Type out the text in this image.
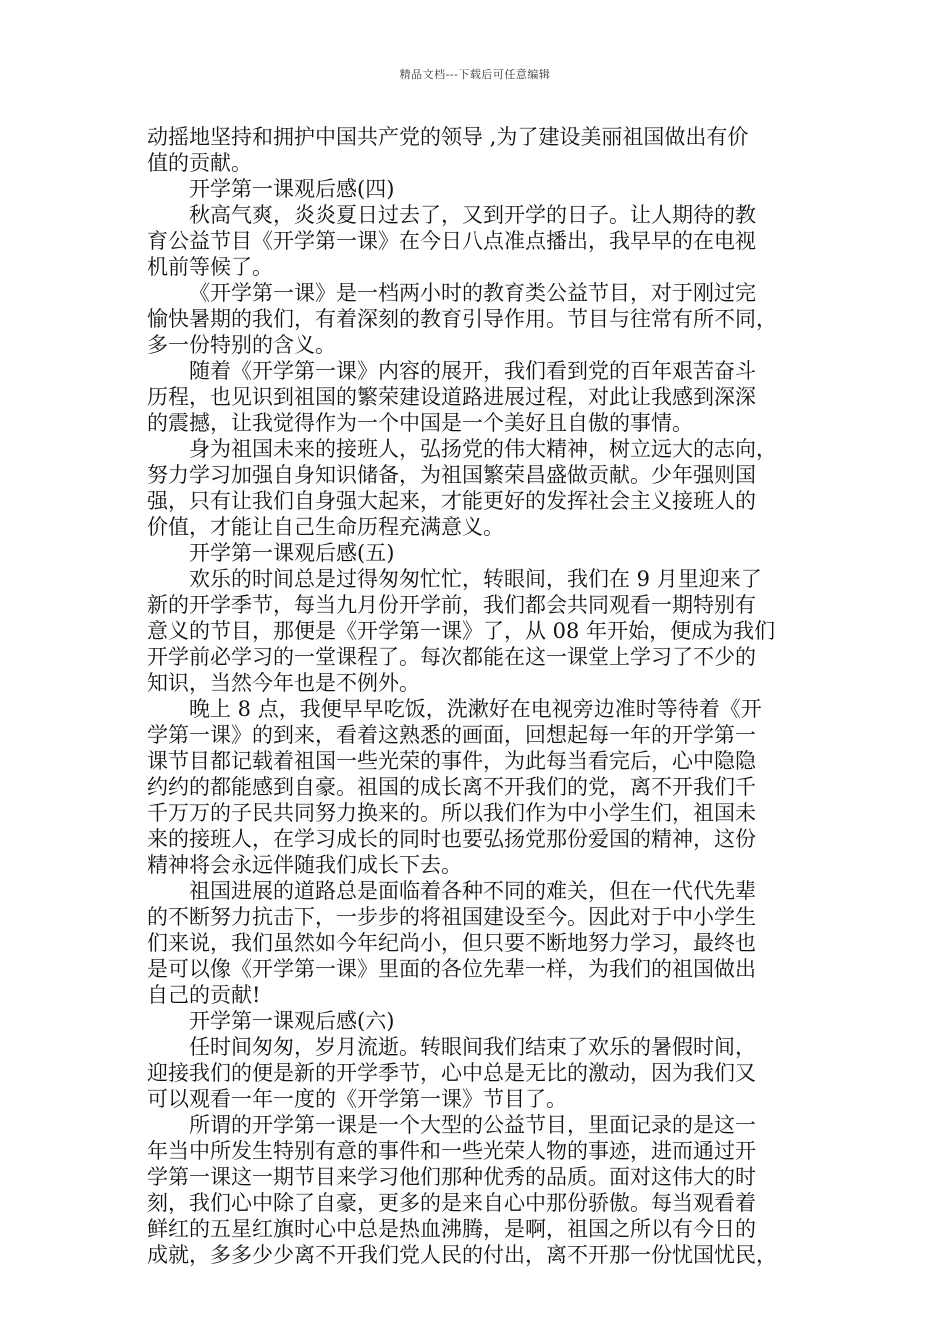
精品文档---下载后可任意编辑

动摇地坚持和拥护中国共产党的领导 ,为了建设美丽祖国做出有价

值的贡献。

开学第一课观后感(四)

秋高气爽，炎炎夏日过去了，又到开学的日子。让人期待的教

育公益节目《开学第一课》在今日八点准点播出，我早早的在电视

机前等候了。

《开学第一课》是一档两小时的教育类公益节目，对于刚过完

愉快暑期的我们，有着深刻的教育引导作用。节目与往常有所不同，

多一份特别的含义。

随着《开学第一课》内容的展开，我们看到党的百年艰苦奋斗

历程，也见识到祖国的繁荣建设道路进展过程，对此让我感到深深

的震撼，让我觉得作为一个中国是一个美好且自傲的事情。

身为祖国未来的接班人，弘扬党的伟大精神，树立远大的志向，

努力学习加强自身知识储备，为祖国繁荣昌盛做贡献。少年强则国

强，只有让我们自身强大起来，才能更好的发挥社会主义接班人的

价值，才能让自己生命历程充满意义。

开学第一课观后感(五)

欢乐的时间总是过得匆匆忙忙，转眼间，我们在 9 月里迎来了

新的开学季节，每当九月份开学前，我们都会共同观看一期特别有

意义的节目，那便是《开学第一课》了，从 08 年开始，便成为我们

开学前必学习的一堂课程了。每次都能在这一课堂上学习了不少的

知识，当然今年也是不例外。

晚上 8 点，我便早早吃饭，洗漱好在电视旁边准时等待着《开

学第一课》的到来，看着这熟悉的画面，回想起每一年的开学第一

课节目都记载着祖国一些光荣的事件，为此每当看完后，心中隐隐

约约的都能感到自豪。祖国的成长离不开我们的党，离不开我们千

千万万的子民共同努力换来的。所以我们作为中小学生们，祖国未

来的接班人，在学习成长的同时也要弘扬党那份爱国的精神，这份

精神将会永远伴随我们成长下去。

祖国进展的道路总是面临着各种不同的难关，但在一代代先辈

的不断努力抗击下，一步步的将祖国建设至今。因此对于中小学生

们来说，我们虽然如今年纪尚小，但只要不断地努力学习，最终也

是可以像《开学第一课》里面的各位先辈一样，为我们的祖国做出

自己的贡献!

开学第一课观后感(六)

任时间匆匆，岁月流逝。转眼间我们结束了欢乐的暑假时间，

迎接我们的便是新的开学季节，心中总是无比的激动，因为我们又

可以观看一年一度的《开学第一课》节目了。

所谓的开学第一课是一个大型的公益节目，里面记录的是这一

年当中所发生特别有意的事件和一些光荣人物的事迹，进而通过开

学第一课这一期节目来学习他们那种优秀的品质。面对这伟大的时

刻，我们心中除了自豪，更多的是来自心中那份骄傲。每当观看着

鲜红的五星红旗时心中总是热血沸腾，是啊，祖国之所以有今日的

成就，多多少少离不开我们党人民的付出，离不开那一份忧国忧民，
